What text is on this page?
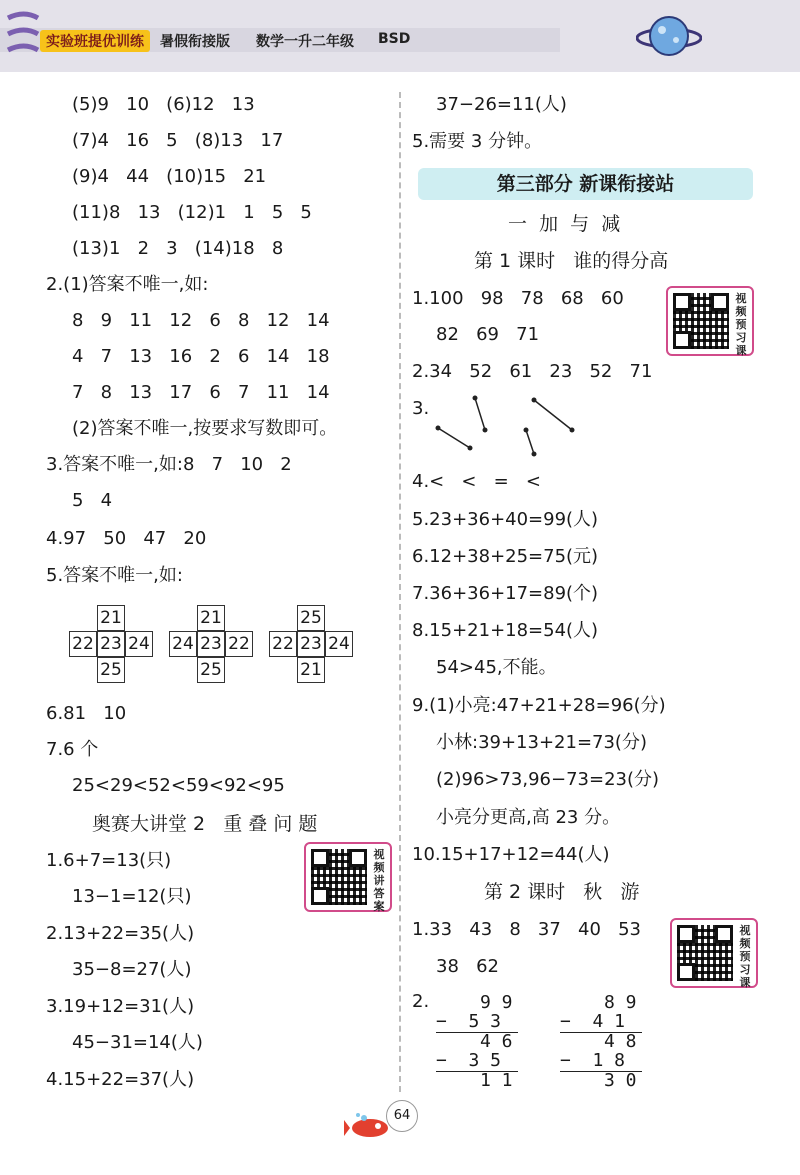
实验班提优训练	暑假衔接版 数学一升二年级 BSD
(5)9   10   (6)12   13
(7)4   16   5   (8)13   17
(9)4   44   (10)15   21
(11)8   13   (12)1   1   5   5
(13)1   2   3   (14)18   8
2.(1)答案不唯一,如:
8   9   11   12   6   8   12   14
4   7   13   16   2   6   14   18
7   8   13   17   6   7   11   14
(2)答案不唯一,按要求写数即可。
3.答案不唯一,如:8   7   10   2
5   4
4.97   50   47   20
5.答案不唯一,如:
21
22 23 24
25
21
24 23 22
25
25
22 23 24
21
6.81   10
7.6 个
25<29<52<59<92<95
奥赛大讲堂 2   重 叠 问 题
1.6+7=13(只)
13−1=12(只)
2.13+22=35(人)
35−8=27(人)
3.19+12=31(人)
45−31=14(人)
4.15+22=37(人)
视频讲答案
37−26=11(人)
5.需要 3 分钟。
第三部分 新课衔接站
一  加  与  减
第 1 课时   谁的得分高
1.100   98   78   68   60
82   69   71
2.34   52   61   23   52   71
3.
4.<   <   =   <
5.23+36+40=99(人)
6.12+38+25=75(元)
7.36+36+17=89(个)
8.15+21+18=54(人)
54>45,不能。
9.(1)小亮:47+21+28=96(分)
小林:39+13+21=73(分)
(2)96>73,96−73=23(分)
小亮分更高,高 23 分。
10.15+17+12=44(人)
第 2 课时   秋   游
1.33   43   8   37   40   53
38   62
2.
视频预习课
视频预习课
9 9
−  5 3
4 6
−  3 5
1 1
8 9
−  4 1
4 8
−  1 8
3 0
64
